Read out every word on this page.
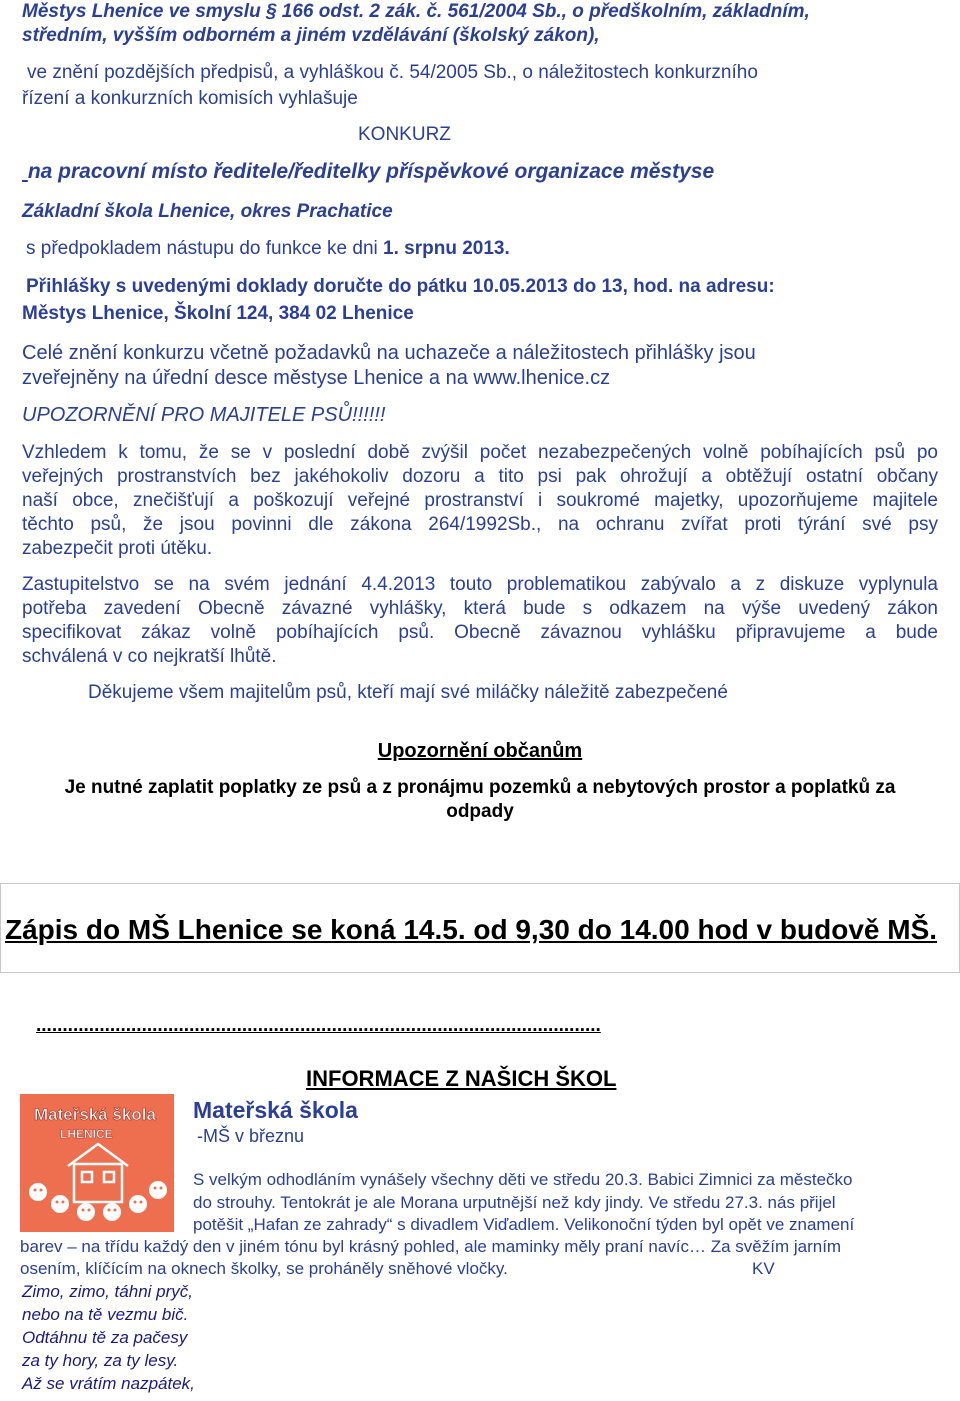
Městys Lhenice ve smyslu § 166 odst. 2 zák. č. 561/2004 Sb., o předškolním, základním,
středním, vyšším odborném a jiném vzdělávání (školský zákon),
ve znění pozdějších předpisů, a vyhláškou č. 54/2005 Sb., o náležitostech konkurzního
řízení a konkurzních komisích vyhlašuje
KONKURZ
na pracovní místo ředitele/ředitelky příspěvkové organizace městyse
Základní škola Lhenice, okres Prachatice
s předpokladem nástupu do funkce ke dni 1. srpnu 2013.
Přihlášky s uvedenými doklady doručte do pátku 10.05.2013 do 13, hod. na adresu:
Městys Lhenice, Školní 124, 384 02 Lhenice
Celé znění konkurzu včetně požadavků na uchazeče a náležitostech přihlášky jsou
zveřejněny na úřední desce městyse Lhenice a na www.lhenice.cz
UPOZORNĚNÍ PRO MAJITELE PSŮ!!!!!!
Vzhledem k tomu, že se v poslední době zvýšil počet nezabezpečených volně pobíhajících psů po
veřejných prostranstvích bez jakéhokoliv dozoru a tito psi pak ohrožují a obtěžují ostatní občany
naší obce, znečišťují a poškozují veřejné prostranství i soukromé majetky, upozorňujeme majitele
těchto psů, že jsou povinni dle zákona 264/1992Sb., na ochranu zvířat proti týrání své psy
zabezpečit proti útěku.
Zastupitelstvo se na svém jednání 4.4.2013 touto problematikou zabývalo a z diskuze vyplynula
potřeba zavedení Obecně závazné vyhlášky, která bude s odkazem na výše uvedený zákon
specifikovat zákaz volně pobíhajících psů. Obecně závaznou vyhlášku připravujeme a bude
schválená v co nejkratší lhůtě.
Děkujeme všem majitelům psů, kteří mají své miláčky náležitě zabezpečené
Upozornění občanům
Je nutné zaplatit poplatky ze psů a z pronájmu pozemků a nebytových prostor a poplatků za
odpady
Zápis do MŠ Lhenice se koná 14.5. od 9,30 do 14.00 hod v budově MŠ.
...........................................................................................................
INFORMACE Z NAŠICH ŠKOL
Mateřská škola
LHENICE
Mateřská škola
-MŠ v březnu
S velkým odhodláním vynášely všechny děti ve středu 20.3. Babici Zimnici za městečko
do strouhy. Tentokrát je ale Morana urputnější než kdy jindy. Ve středu 27.3. nás přijel
potěšit „Hafan ze zahrady“ s divadlem Viďadlem. Velikonoční týden byl opět ve znamení
barev – na třídu každý den v jiném tónu byl krásný pohled, ale maminky měly praní navíc… Za svěžím jarním
osením, klíčícím na oknech školky, se proháněly sněhové vločky.	KV
Zimo, zimo, táhni pryč,
nebo na tě vezmu bič.
Odtáhnu tě za pačesy
za ty hory, za ty lesy.
Až se vrátím nazpátek,
